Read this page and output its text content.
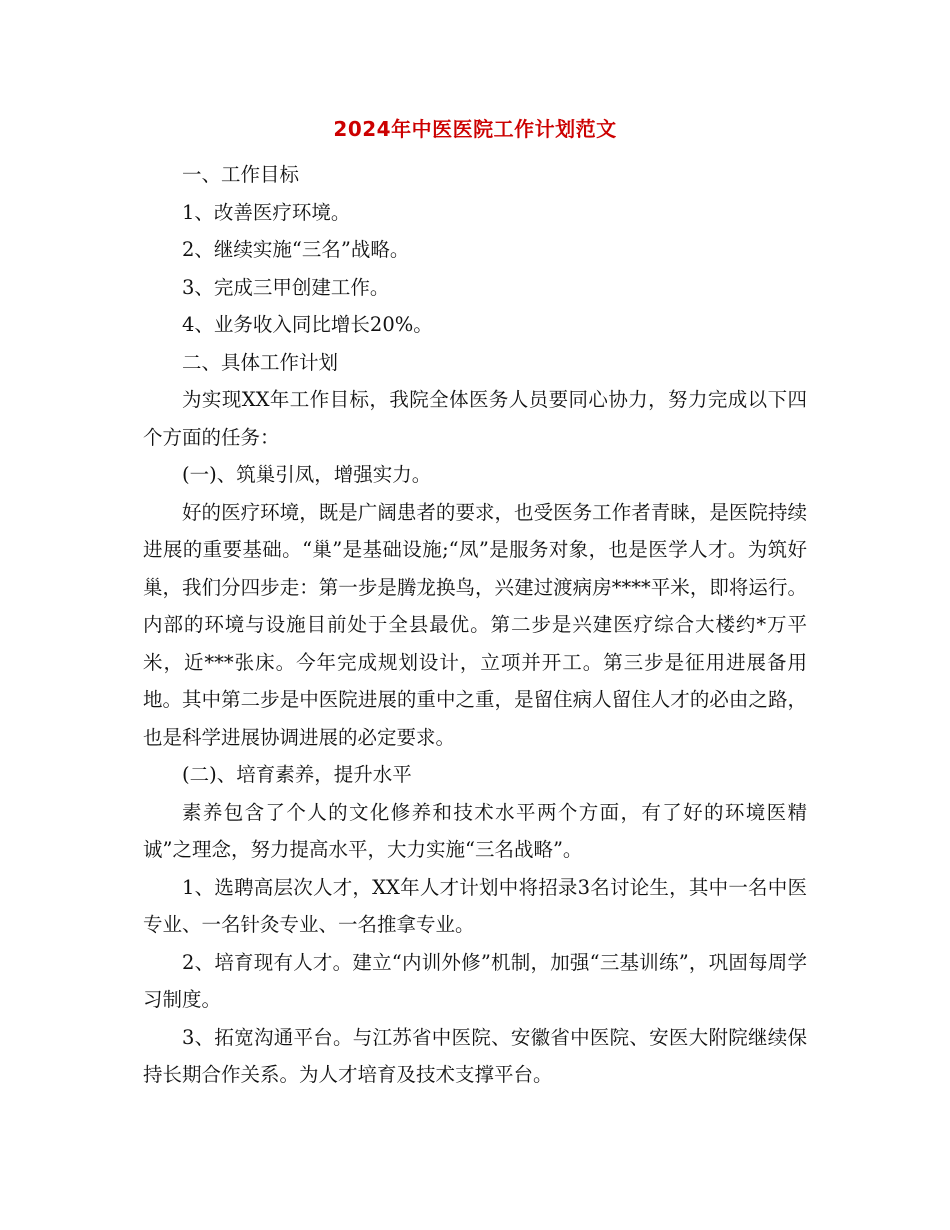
2024年中医医院工作计划范文

一、工作目标

1、改善医疗环境。

2、继续实施“三名”战略。

3、完成三甲创建工作。

4、业务收入同比增长20%。

二、具体工作计划

为实现XX年工作目标，我院全体医务人员要同心协力，努力完成以下四个方面的任务：

(一)、筑巢引凤，增强实力。

好的医疗环境，既是广阔患者的要求，也受医务工作者青睐，是医院持续进展的重要基础。“巢”是基础设施;“凤”是服务对象，也是医学人才。为筑好巢，我们分四步走：第一步是腾龙换鸟，兴建过渡病房****平米，即将运行。内部的环境与设施目前处于全县最优。第二步是兴建医疗综合大楼约*万平米，近***张床。今年完成规划设计，立项并开工。第三步是征用进展备用地。其中第二步是中医院进展的重中之重，是留住病人留住人才的必由之路，也是科学进展协调进展的必定要求。

(二)、培育素养，提升水平

素养包含了个人的文化修养和技术水平两个方面，有了好的环境医精诚”之理念，努力提高水平，大力实施“三名战略”。

1、选聘高层次人才，XX年人才计划中将招录3名讨论生，其中一名中医专业、一名针灸专业、一名推拿专业。

2、培育现有人才。建立“内训外修”机制，加强“三基训练”，巩固每周学习制度。

3、拓宽沟通平台。与江苏省中医院、安徽省中医院、安医大附院继续保持长期合作关系。为人才培育及技术支撑平台。
